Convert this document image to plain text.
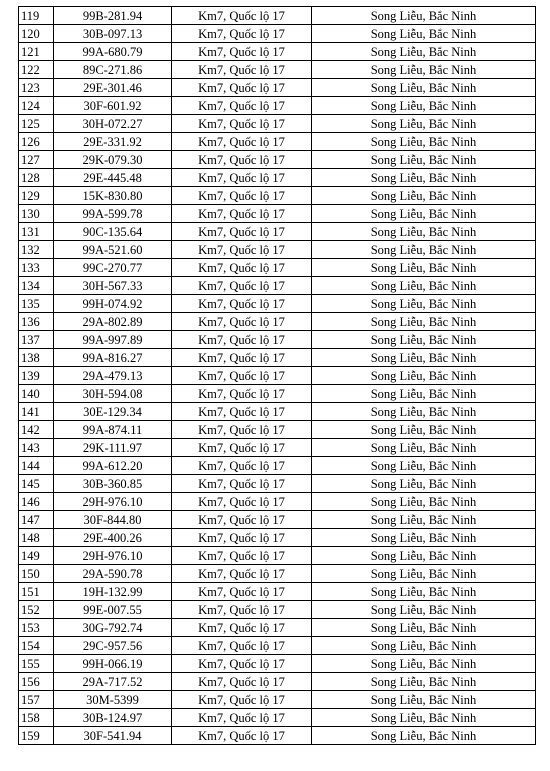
119	99B-281.94	Km7, Quốc lộ 17	Song Liễu, Bắc Ninh
120	30B-097.13	Km7, Quốc lộ 17	Song Liễu, Bắc Ninh
121	99A-680.79	Km7, Quốc lộ 17	Song Liễu, Bắc Ninh
122	89C-271.86	Km7, Quốc lộ 17	Song Liễu, Bắc Ninh
123	29E-301.46	Km7, Quốc lộ 17	Song Liễu, Bắc Ninh
124	30F-601.92	Km7, Quốc lộ 17	Song Liễu, Bắc Ninh
125	30H-072.27	Km7, Quốc lộ 17	Song Liễu, Bắc Ninh
126	29E-331.92	Km7, Quốc lộ 17	Song Liễu, Bắc Ninh
127	29K-079.30	Km7, Quốc lộ 17	Song Liễu, Bắc Ninh
128	29E-445.48	Km7, Quốc lộ 17	Song Liễu, Bắc Ninh
129	15K-830.80	Km7, Quốc lộ 17	Song Liễu, Bắc Ninh
130	99A-599.78	Km7, Quốc lộ 17	Song Liễu, Bắc Ninh
131	90C-135.64	Km7, Quốc lộ 17	Song Liễu, Bắc Ninh
132	99A-521.60	Km7, Quốc lộ 17	Song Liễu, Bắc Ninh
133	99C-270.77	Km7, Quốc lộ 17	Song Liễu, Bắc Ninh
134	30H-567.33	Km7, Quốc lộ 17	Song Liễu, Bắc Ninh
135	99H-074.92	Km7, Quốc lộ 17	Song Liễu, Bắc Ninh
136	29A-802.89	Km7, Quốc lộ 17	Song Liễu, Bắc Ninh
137	99A-997.89	Km7, Quốc lộ 17	Song Liễu, Bắc Ninh
138	99A-816.27	Km7, Quốc lộ 17	Song Liễu, Bắc Ninh
139	29A-479.13	Km7, Quốc lộ 17	Song Liễu, Bắc Ninh
140	30H-594.08	Km7, Quốc lộ 17	Song Liễu, Bắc Ninh
141	30E-129.34	Km7, Quốc lộ 17	Song Liễu, Bắc Ninh
142	99A-874.11	Km7, Quốc lộ 17	Song Liễu, Bắc Ninh
143	29K-111.97	Km7, Quốc lộ 17	Song Liễu, Bắc Ninh
144	99A-612.20	Km7, Quốc lộ 17	Song Liễu, Bắc Ninh
145	30B-360.85	Km7, Quốc lộ 17	Song Liễu, Bắc Ninh
146	29H-976.10	Km7, Quốc lộ 17	Song Liễu, Bắc Ninh
147	30F-844.80	Km7, Quốc lộ 17	Song Liễu, Bắc Ninh
148	29E-400.26	Km7, Quốc lộ 17	Song Liễu, Bắc Ninh
149	29H-976.10	Km7, Quốc lộ 17	Song Liễu, Bắc Ninh
150	29A-590.78	Km7, Quốc lộ 17	Song Liễu, Bắc Ninh
151	19H-132.99	Km7, Quốc lộ 17	Song Liễu, Bắc Ninh
152	99E-007.55	Km7, Quốc lộ 17	Song Liễu, Bắc Ninh
153	30G-792.74	Km7, Quốc lộ 17	Song Liễu, Bắc Ninh
154	29C-957.56	Km7, Quốc lộ 17	Song Liễu, Bắc Ninh
155	99H-066.19	Km7, Quốc lộ 17	Song Liễu, Bắc Ninh
156	29A-717.52	Km7, Quốc lộ 17	Song Liễu, Bắc Ninh
157	30M-5399	Km7, Quốc lộ 17	Song Liễu, Bắc Ninh
158	30B-124.97	Km7, Quốc lộ 17	Song Liễu, Bắc Ninh
159	30F-541.94	Km7, Quốc lộ 17	Song Liễu, Bắc Ninh
